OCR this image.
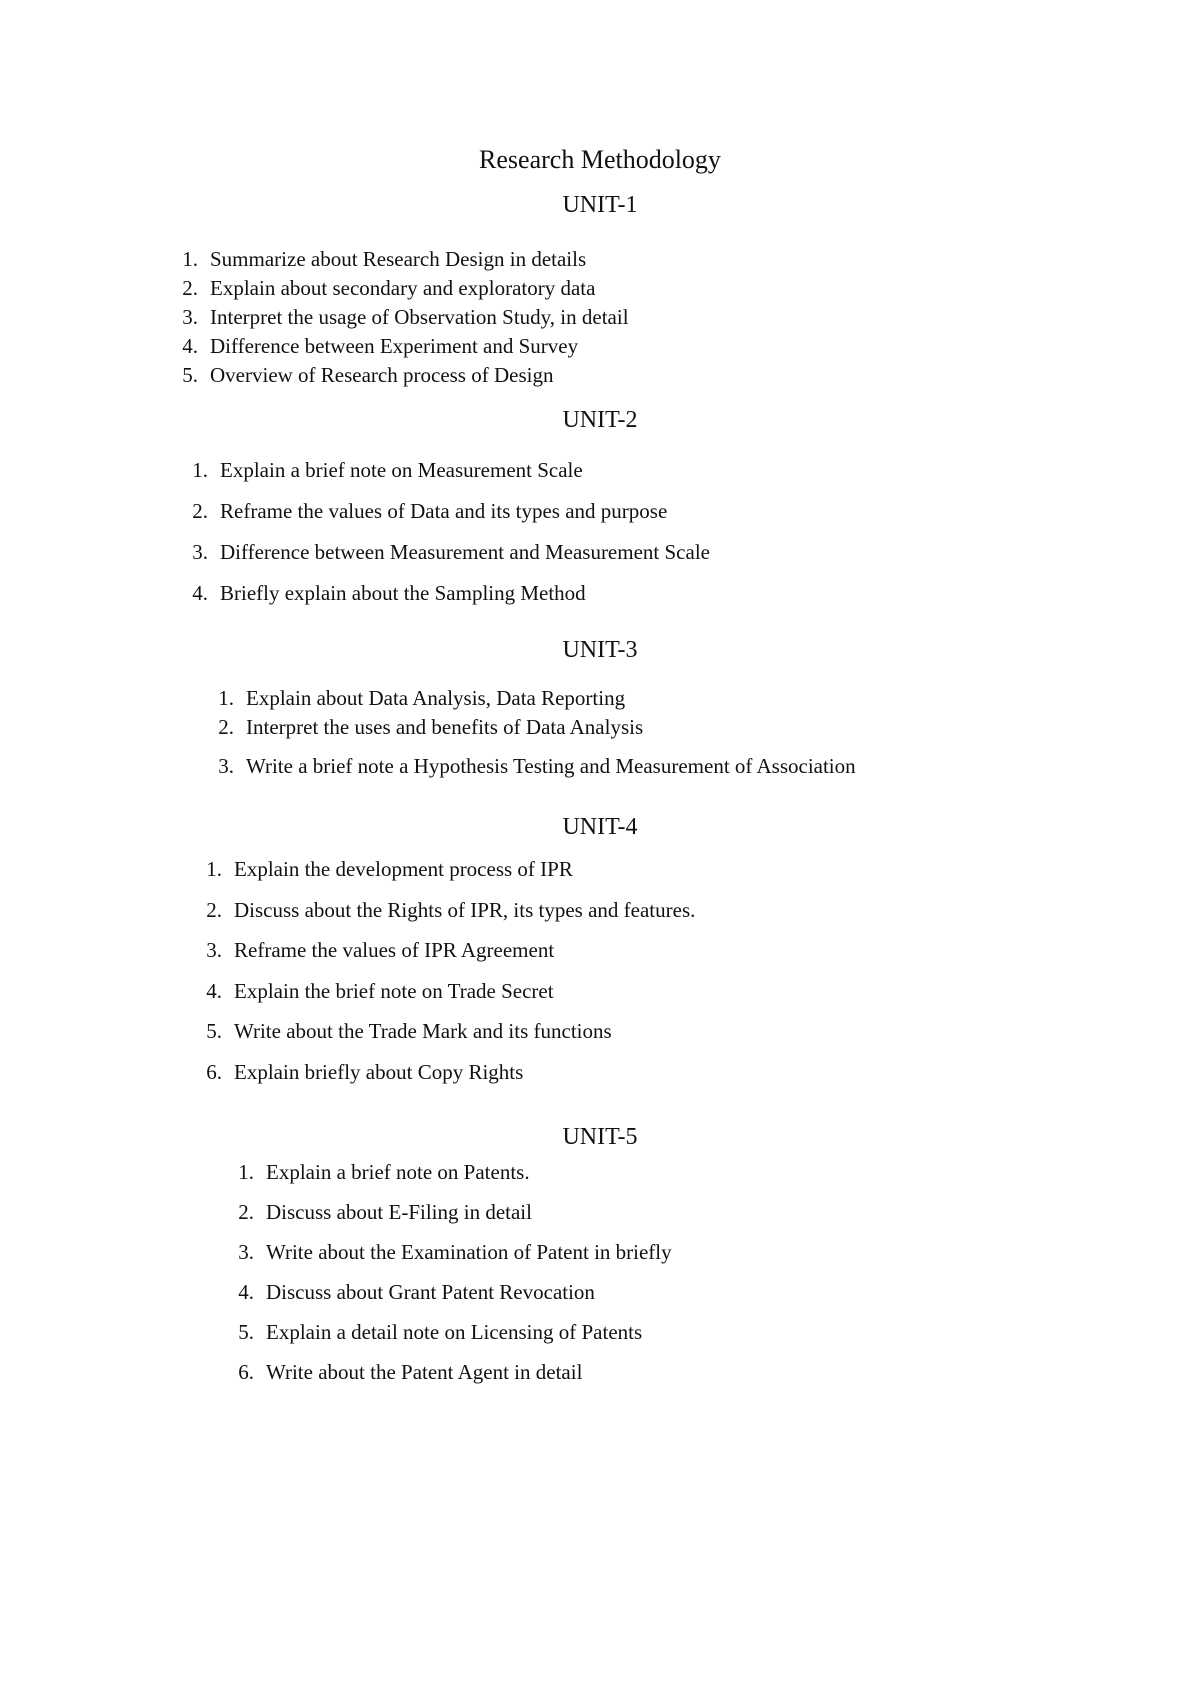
Research Methodology
UNIT-1
1. Summarize about Research Design in details
2. Explain about secondary and exploratory data
3. Interpret the usage of Observation Study, in detail
4. Difference between Experiment and Survey
5. Overview of Research process of Design
UNIT-2
1. Explain a brief note on Measurement Scale
2. Reframe the values of Data and its types and purpose
3. Difference between Measurement and Measurement Scale
4. Briefly explain about the Sampling Method
UNIT-3
1. Explain about Data Analysis, Data Reporting
2. Interpret the uses and benefits of Data Analysis
3. Write a brief note a Hypothesis Testing and Measurement of Association
UNIT-4
1. Explain the development process of IPR
2. Discuss about the Rights of IPR, its types and features.
3. Reframe the values of IPR Agreement
4. Explain the brief note on Trade Secret
5. Write about the Trade Mark and its functions
6. Explain briefly about Copy Rights
UNIT-5
1. Explain a brief note on Patents.
2. Discuss about E-Filing in detail
3. Write about the Examination of Patent in briefly
4. Discuss about Grant Patent Revocation
5. Explain a detail note on Licensing of Patents
6. Write about the Patent Agent in detail
